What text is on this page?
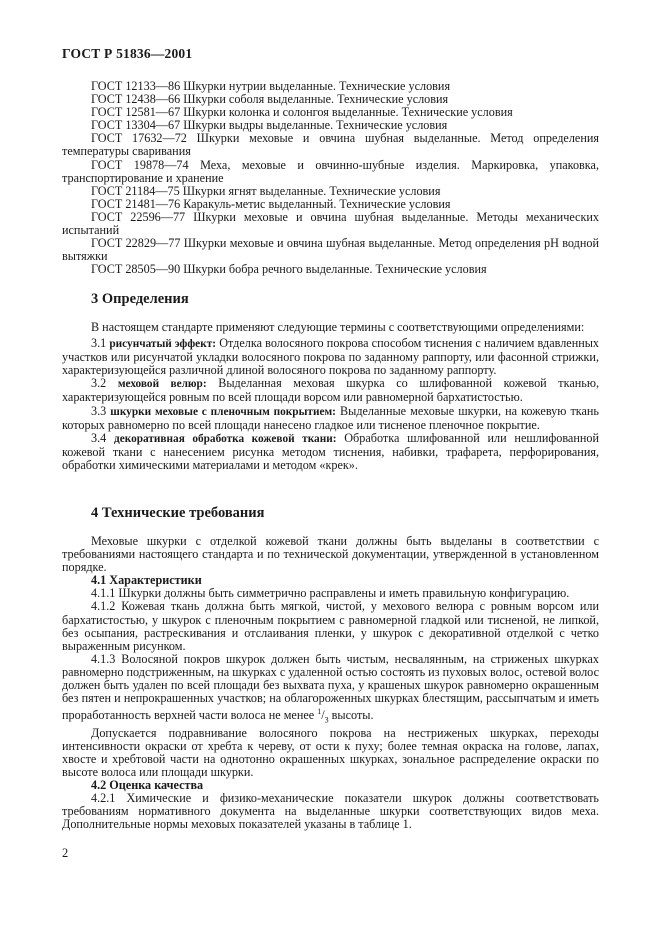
ГОСТ Р 51836—2001

ГОСТ 12133—86 Шкурки нутрии выделанные. Технические условия

ГОСТ 12438—66 Шкурки соболя выделанные. Технические условия

ГОСТ 12581—67 Шкурки колонка и солонгоя выделанные. Технические условия

ГОСТ 13304—67 Шкурки выдры выделанные. Технические условия

ГОСТ 17632—72 Шкурки меховые и овчина шубная выделанные. Метод определения температуры сваривания

ГОСТ 19878—74 Меха, меховые и овчинно-шубные изделия. Маркировка, упаковка, транспортирование и хранение

ГОСТ 21184—75 Шкурки ягнят выделанные. Технические условия

ГОСТ 21481—76 Каракуль-метис выделанный. Технические условия

ГОСТ 22596—77 Шкурки меховые и овчина шубная выделанные. Методы механических испытаний

ГОСТ 22829—77 Шкурки меховые и овчина шубная выделанные. Метод определения pH водной вытяжки

ГОСТ 28505—90 Шкурки бобра речного выделанные. Технические условия

3 Определения

В настоящем стандарте применяют следующие термины с соответствующими определениями:

3.1 рисунчатый эффект: Отделка волосяного покрова способом тиснения с наличием вдавленных участков или рисунчатой укладки волосяного покрова по заданному раппорту, или фасонной стрижки, характеризующейся различной длиной волосяного покрова по заданному раппорту.

3.2 меховой велюр: Выделанная меховая шкурка со шлифованной кожевой тканью, характеризующейся ровным по всей площади ворсом или равномерной бархатистостью.

3.3 шкурки меховые с пленочным покрытием: Выделанные меховые шкурки, на кожевую ткань которых равномерно по всей площади нанесено гладкое или тисненое пленочное покрытие.

3.4 декоративная обработка кожевой ткани: Обработка шлифованной или нешлифованной кожевой ткани с нанесением рисунка методом тиснения, набивки, трафарета, перфорирования, обработки химическими материалами и методом «крек».

4 Технические требования

Меховые шкурки с отделкой кожевой ткани должны быть выделаны в соответствии с требованиями настоящего стандарта и по технической документации, утвержденной в установленном порядке.

4.1 Характеристики

4.1.1 Шкурки должны быть симметрично расправлены и иметь правильную конфигурацию.

4.1.2 Кожевая ткань должна быть мягкой, чистой, у мехового велюра с ровным ворсом или бархатистостью, у шкурок с пленочным покрытием с равномерной гладкой или тисненой, не липкой, без осыпания, растрескивания и отслаивания пленки, у шкурок с декоративной отделкой с четко выраженным рисунком.

4.1.3 Волосяной покров шкурок должен быть чистым, несвалянным, на стриженых шкурках равномерно подстриженным, на шкурках с удаленной остью состоять из пуховых волос, остевой волос должен быть удален по всей площади без выхвата пуха, у крашеных шкурок равномерно окрашенным без пятен и непрокрашенных участков; на облагороженных шкурках блестящим, рассыпчатым и иметь проработанность верхней части волоса не менее $^1/_3$ высоты.

Допускается подравнивание волосяного покрова на нестриженых шкурках, переходы интенсивности окраски от хребта к череву, от ости к пуху; более темная окраска на голове, лапах, хвосте и хребтовой части на однотонно окрашенных шкурках, зональное распределение окраски по высоте волоса или площади шкурки.

4.2 Оценка качества

4.2.1 Химические и физико-механические показатели шкурок должны соответствовать требованиям нормативного документа на выделанные шкурки соответствующих видов меха. Дополнительные нормы меховых показателей указаны в таблице 1.

2
